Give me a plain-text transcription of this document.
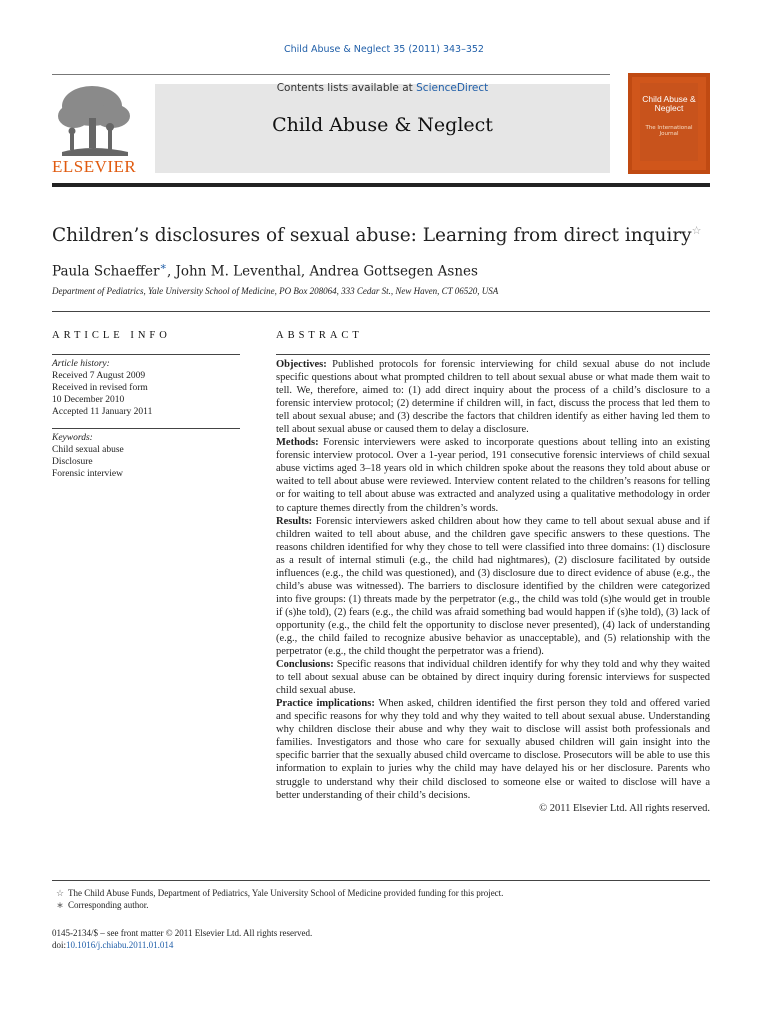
Child Abuse & Neglect 35 (2011) 343–352
ELSEVIER
Contents lists available at ScienceDirect
Child Abuse & Neglect
Child Abuse & Neglect
The International Journal
Children’s disclosures of sexual abuse: Learning from direct inquiry☆
Paula Schaeffer∗, John M. Leventhal, Andrea Gottsegen Asnes
Department of Pediatrics, Yale University School of Medicine, PO Box 208064, 333 Cedar St., New Haven, CT 06520, USA
ARTICLE INFO
Article history:
Received 7 August 2009
Received in revised form
10 December 2010
Accepted 11 January 2011
Keywords:
Child sexual abuse
Disclosure
Forensic interview
ABSTRACT

Objectives: Published protocols for forensic interviewing for child sexual abuse do not include specific questions about what prompted children to tell about sexual abuse or what made them wait to tell. We, therefore, aimed to: (1) add direct inquiry about the process of a child’s disclosure to a forensic interview protocol; (2) determine if children will, in fact, discuss the process that led them to tell about sexual abuse; and (3) describe the factors that children identify as either having led them to tell about sexual abuse or caused them to delay a disclosure.

Methods: Forensic interviewers were asked to incorporate questions about telling into an existing forensic interview protocol. Over a 1-year period, 191 consecutive forensic interviews of child sexual abuse victims aged 3–18 years old in which children spoke about the reasons they told about abuse or waited to tell about abuse were reviewed. Interview content related to the children’s reasons for telling or for waiting to tell about abuse was extracted and analyzed using a qualitative methodology in order to capture themes directly from the children’s words.

Results: Forensic interviewers asked children about how they came to tell about sexual abuse and if children waited to tell about abuse, and the children gave specific answers to these questions. The reasons children identified for why they chose to tell were classified into three domains: (1) disclosure as a result of internal stimuli (e.g., the child had nightmares), (2) disclosure facilitated by outside influences (e.g., the child was questioned), and (3) disclosure due to direct evidence of abuse (e.g., the child’s abuse was witnessed). The barriers to disclosure identified by the children were categorized into five groups: (1) threats made by the perpetrator (e.g., the child was told (s)he would get in trouble if (s)he told), (2) fears (e.g., the child was afraid something bad would happen if (s)he told), (3) lack of opportunity (e.g., the child felt the opportunity to disclose never presented), (4) lack of understanding (e.g., the child failed to recognize abusive behavior as unacceptable), and (5) relationship with the perpetrator (e.g., the child thought the perpetrator was a friend).

Conclusions: Specific reasons that individual children identify for why they told and why they waited to tell about sexual abuse can be obtained by direct inquiry during forensic interviews for suspected child sexual abuse.

Practice implications: When asked, children identified the first person they told and offered varied and specific reasons for why they told and why they waited to tell about sexual abuse. Understanding why children disclose their abuse and why they wait to disclose will assist both professionals and families. Investigators and those who care for sexually abused children will gain insight into the specific barrier that the sexually abused child overcame to disclose. Prosecutors will be able to use this information to explain to juries why the child may have delayed his or her disclosure. Parents who struggle to understand why their child disclosed to someone else or waited to disclose will have a better understanding of their child’s decisions.

© 2011 Elsevier Ltd. All rights reserved.

☆ The Child Abuse Funds, Department of Pediatrics, Yale University School of Medicine provided funding for this project.
∗ Corresponding author.
0145-2134/$ – see front matter © 2011 Elsevier Ltd. All rights reserved.
doi:10.1016/j.chiabu.2011.01.014
